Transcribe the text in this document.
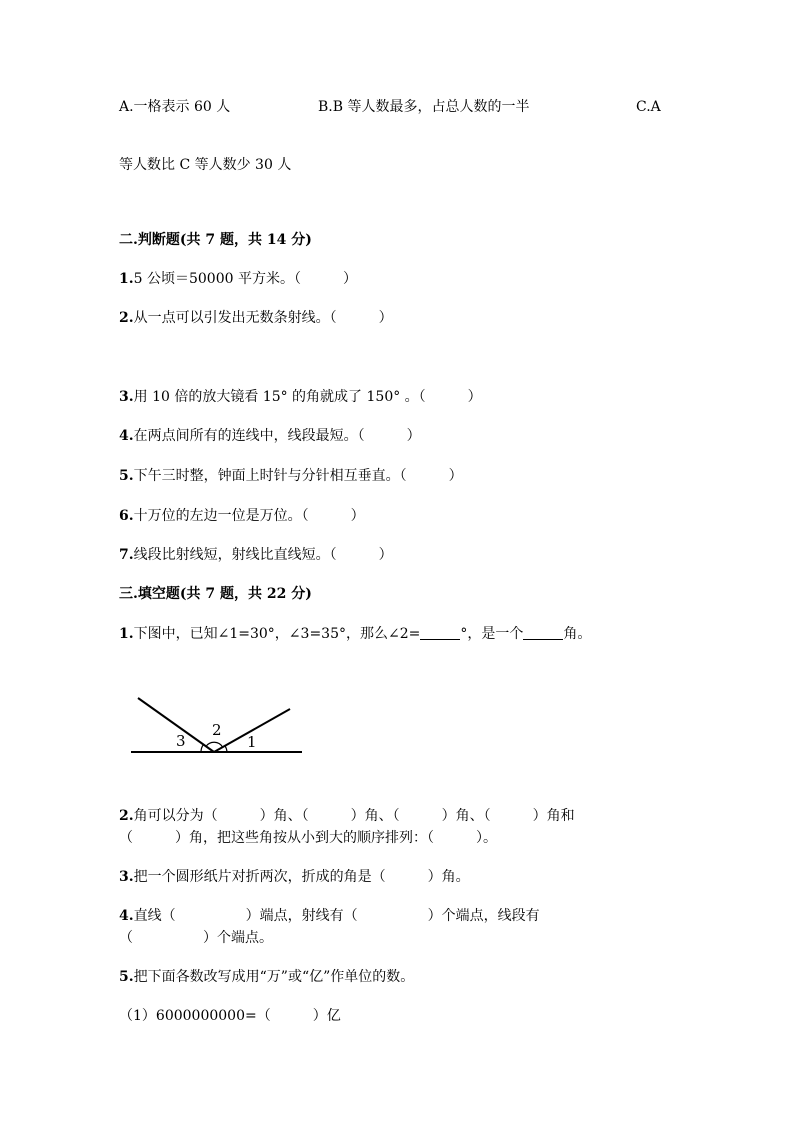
A.一格表示 60 人	B.B 等人数最多，占总人数的一半	C.A
等人数比 C 等人数少 30 人
二.判断题(共 7 题，共 14 分)
1.5 公顷＝50000 平方米。（　　　）
2.从一点可以引发出无数条射线。（　　　）
3.用 10 倍的放大镜看 15° 的角就成了 150° 。（　　　）
4.在两点间所有的连线中，线段最短。（　　　）
5.下午三时整，钟面上时针与分针相互垂直。（　　　）
6.十万位的左边一位是万位。（　　　）
7.线段比射线短，射线比直线短。（　　　）
三.填空题(共 7 题，共 22 分)
1.下图中，已知∠1=30°，∠3=35°，那么∠2=	°，是一个	角。
3
2
1
2.角可以分为（　　　）角、（　　　）角、（　　　）角、（　　　）角和
（　　　）角，把这些角按从小到大的顺序排列：（　　　）。
3.把一个圆形纸片对折两次，折成的角是（　　　）角。
4.直线（　　　　　）端点，射线有（　　　　　）个端点，线段有
（　　　　　）个端点。
5.把下面各数改写成用“万”或“亿”作单位的数。
（1）6000000000=（　　　）亿
